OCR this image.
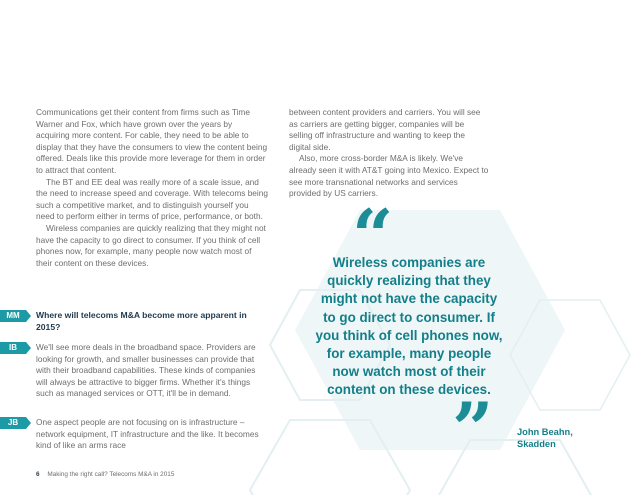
Communications get their content from firms such as Time Warner and Fox, which have grown over the years by acquiring more content. For cable, they need to be able to display that they have the consumers to view the content being offered. Deals like this provide more leverage for them in order to attract that content.

The BT and EE deal was really more of a scale issue, and the need to increase speed and coverage. With telecoms being such a competitive market, and to distinguish yourself you need to perform either in terms of price, performance, or both.

Wireless companies are quickly realizing that they might not have the capacity to go direct to consumer. If you think of cell phones now, for example, many people now watch most of their content on these devices.

MM	Where will telecoms M&A become more apparent in 2015?

IB	We'll see more deals in the broadband space. Providers are looking for growth, and smaller businesses can provide that with their broadband capabilities. These kinds of companies will always be attractive to bigger firms. Whether it's things such as managed services or OTT, it'll be in demand.

JB	One aspect people are not focusing on is infrastructure – network equipment, IT infrastructure and the like. It becomes kind of like an arms race

between content providers and carriers. You will see as carriers are getting bigger, companies will be selling off infrastructure and wanting to keep the digital side.

Also, more cross-border M&A is likely. We've already seen it with AT&T going into Mexico. Expect to see more transnational networks and services provided by US carriers.

“
Wireless companies are quickly realizing that they might not have the capacity to go direct to consumer. If you think of cell phones now, for example, many people now watch most of their content on these devices.
”	John Beahn,
Skadden
6 Making the right call? Telecoms M&A in 2015
